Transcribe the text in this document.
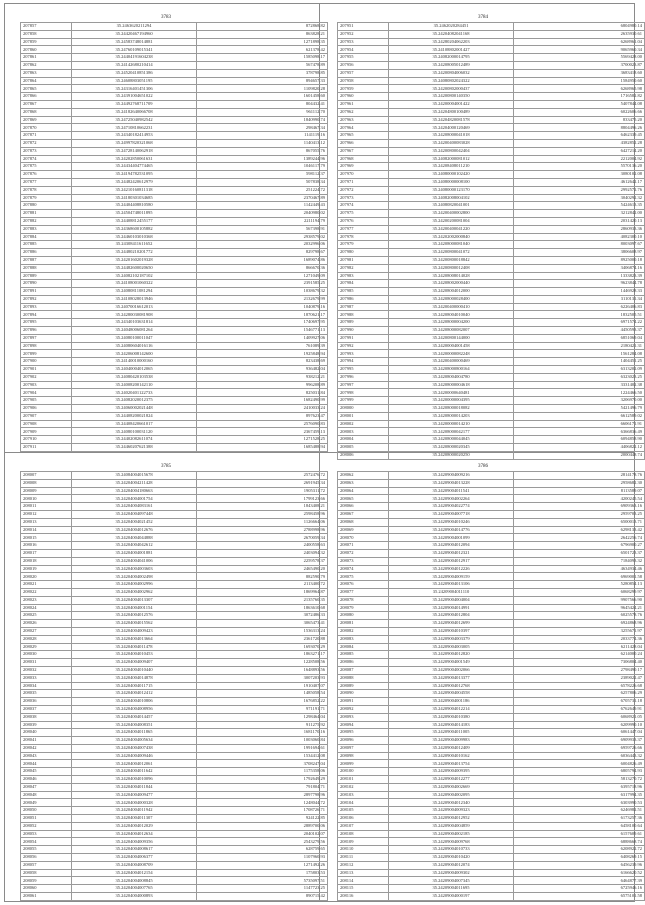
3783
207857	35.2463620211294	872868.82
207858	35.24420467194960	863828.21
207859	35.24583748014881	1271898.35
207860	35.24760109015341	621378.42
207861	35.24404191604238	1585098.17
207862	35.24142680210414	567478.89
207863	35.24520410851386	378798.85
207864	35.24608803051195	894657.33
207865	35.24316401451306	1109820.28
207866	35.24391004651022	1601458.60
207867	35.24492768711709	804432.41
207868	35.24182640066708	961112.70
207869	35.24725040982542	1840990.74
207870	35.24710810662231	298467.34
207871	35.24340182414953	1141119.16
207872	35.24997820321068	1140413.12
207873	35.24728140062918	867055.76
207874	35.24202850061631	1389244.96
207875	35.24434404774465	1046117.79
207876	35.24194782531095	598112.37
207877	35.24482420612979	507838.34
207878	35.24210160811318	251224.72
207879	35.24180301034685	2370467.89
207880	35.24404408810580	1142449.43
207881	35.24504748011895	2040980.02
207882	35.24408812455177	2211194.79
207883	35.24368600105882	567398.91
207884	35.24460103010368	2938579.02
207885	35.24308411611652	2032996.06
207886	35.24480210201772	829798.67
207887	35.24201602019328	1689074.86
207888	35.24482600020650	866670.36
207889	35.24082102187102	1271049.09
207890	35.24108001060322	2391585.25
207891	35.24080811081294	1038679.32
207892	35.24108028013946	2132679.99
207893	35.24070016612013	1040879.16
207894	35.24280030081908	1870621.17
207895	35.24340103631814	1740697.95
207896	35.24048006081264	1546771.13
207897	35.24080100011047	1409927.06
207898	35.24080604016116	761089.39
207899	35.24206008142600	1925848.94
207900	35.24140010000160	823438.69
207901	35.24040004012065	936482.04
207902	35.24080420103538	938212.21
207903	35.24008200142110	996208.89
207904	35.24020401122733	825031.84
207905	35.24082020012375	1682490.99
207906	35.24060002021448	2410033.24
207907	35.24408200021824	897623.47
207908	35.24408420661017	2576090.83
207909	35.24080100031120	2367459.13
207910	35.24402082611074	1271528.25
207911	35.24460207621388	1685488.94
3784
207951	35.2462020284451	6804980.14
207952	35.24204082041168	2635930.61
207953	35.24280204062203	6268961.04
207954	35.24108802001427	9065960.34
207955	35.24082000014795	5569428.00
207956	35.24208005012489	3700023.87
207957	35.24200804006032	3683418.60
207958	35.24080802024322	1584950.60
207959	35.24200802000437	6268965.98
207960	35.24200800140350	1716582.82
207961	35.24200004001422	5407844.08
207962	35.24204800100489	6022606.66
207963	35.24204820081578	833475.20
207964	35.24204000120469	8804496.26
207965	35.24208000041018	6462339.45
207966	35.24200400083028	4382852.28
207967	35.24200800042404	6427214.20
207968	35.24082000081012	2212004.92
207969	35.24208408011210	5570136.20
207970	35.24080000102420	3080102.08
207971	35.24080000008100	4612642.17
207972	35.24080000123170	2992572.76
207973	35.24082008004102	3040292.32
207974	35.24080820041001	5424613.35
207975	35.24200400002800	3212842.00
207976	35.24200200081004	2031420.13
207977	35.24200400041220	2860933.36
207978	35.24202002000840	4082300.10
207979	35.24208000081040	8003097.67
207980	35.24200800041072	3806608.97
207981	35.24200800018842	8925000.18
207982	35.24200800012408	3406874.16
207983	35.24208008014028	1333823.39
207984	35.24208002000440	9623844.78
207985	35.24208004012000	1446928.33
207986	35.24208000028400	3110131.34
207987	35.24200400000410	6226406.83
207988	35.24208004010040	1832505.51
207989	35.24208000004200	6971574.22
207990	35.24208000082007	4450593.37
207991	35.24200800144000	6851069.04
207992	35.24200004001458	2180421.31
207993	35.24200000082248	1561284.08
207994	35.24200400000469	1404451.25
207995	35.24208000800164	6313202.09
207996	35.24208004004780	6323023.25
207997	35.24208000004618	3331402.38
207998	35.24200000640481	1224466.50
207999	35.24200000004395	3206970.00
208000	35.24208000018082	5421496.79
208001	35.24208000014203	6612589.02
208002	35.24200000014210	6606171.91
208003	35.24208000042177	6366836.49
208004	35.24208000044045	6094858.90
208005	35.24208000020345	4406822.12
208006	35.24208000020250	2000448.74
3785
208007	35.24084004015678	2572476.72
208008	35.24204004211428	2691945.34
208009	35.24204004180663	1905311.72
208010	35.24204004001754	1799123.66
208011	35.24204004083161	1843408.21
208012	35.24204004097448	2598458.96
208013	35.24204004021452	1126664.06
208014	35.24204004012676	2788998.96
208015	35.24204004044888	2670059.34
208016	35.24204004042612	2400558.63
208017	35.24204004001881	2403094.32
208018	35.24204004041006	2259578.37
208019	35.24204004003603	2465490.20
208020	35.24204004002498	882590.79
208021	35.24204004002996	2113400.72
208022	35.24204004002962	1869964.87
208023	35.24204004013307	2135760.35
208024	35.24204004001154	1863610.68
208025	35.24204004012576	3072486.33
208026	35.24204004015562	3065473.41
208027	35.24204004009423	1536313.24
208028	35.24204004013664	2361720.88
208029	35.24204004011478	1693070.29
208030	35.24204004010453	1863271.17
208031	35.24204004009407	1228508.56
208032	35.24204004010440	1648893.56
208033	35.24204004014878	3007203.93
208034	35.24204004011715	1910407.07
208035	35.24204004012412	1485058.54
208036	35.24204004010806	1676852.22
208037	35.24204004008956	971191.71
208038	35.24204004014457	1298464.04
208039	35.24204004008351	911275.92
208040	35.24204004011865	1681170.16
208041	35.24204004005634	1003060.84
208042	35.24204004007438	1991694.61
208043	35.24204004009446	1534412.08
208044	35.24204004012061	3708247.04
208045	35.24204004011642	1175358.06
208046	35.24204004010096	1792649.29
208047	35.24204004011844	791804.71
208048	35.24204004009477	2897798.96
208049	35.24204004000328	1248044.72
208050	35.24204004011942	1708726.71
208051	35.24204004011307	924122.85
208052	35.24204004012029	2889700.06
208053	35.24204004012634	2040102.07
208054	35.24204004009356	2543279.56
208055	35.24204004008617	628759.65
208056	35.24204004006377	1107960.93
208057	35.24204004008709	1271492.26
208058	35.24204004012154	175803.53
208059	35.24204004008845	5735097.51
208060	35.24204004007765	1147723.25
208061	35.24204004000893	890715.42
3786
208062	35.24209004009216	2814178.76
208063	35.24209004013228	2958682.30
208064	35.24209004011541	8113589.07
208065	35.24209004002264	4200245.54
208066	35.24209004022774	6909363.16
208067	35.24209004007718	2959703.25
208068	35.24209004010246	6500013.71
208069	35.24209004014776	6298133.42
208070	35.24209004001099	2642256.74
208071	35.24209004012094	6796900.27
208072	35.24209004012321	6501723.37
208073	35.24209004012917	7184093.32
208074	35.24209004012226	4634934.46
208075	35.24209004009159	6969001.58
208076	35.24209004013106	5280854.13
208077	35.24209004011110	6068299.97
208078	35.24209004004004	9907566.90
208079	35.24209004014991	9645424.21
208080	35.24209004012804	6025578.76
208081	35.24209004012699	6924868.96
208082	35.24209004010397	3255671.97
208083	35.24209004003379	2033774.36
208084	35.24209004003005	6211428.04
208085	35.24209004012820	6214000.24
208086	35.24209004001549	7306804.40
208087	35.24209004002066	2798490.17
208088	35.24209004013377	2389022.47
208089	35.24209004012768	6578226.68
208090	35.24209004004558	6257806.29
208091	35.24209004001186	6705731.18
208092	35.24209004012214	6762649.91
208093	35.24209004010380	6068921.05
208094	35.24209004014183	6209990.10
208095	35.24209004011005	6061447.04
208096	35.24209004009983	6909933.37
208097	35.24209004012409	6959726.66
208098	35.24209004010162	6036443.32
208099	35.24209004013754	6004826.49
208100	35.24209004009395	6805794.93
208101	35.24209004012277	5813270.72
208102	35.24209004002669	6395718.96
208103	35.24209004002095	6317994.35
208104	35.24209004012340	6303990.53
208105	35.24209004009323	6246982.51
208106	35.24209004012952	6173257.36
208107	35.24209004004859	6458100.64
208108	35.24209004002185	6157609.61
208109	35.24209004009768	6888668.74
208110	35.24209004010733	6208922.72
208111	35.24209004010420	6408269.15
208112	35.24209004012074	6456239.96
208113	35.24209004009302	6166620.52
208114	35.24209004007345	6464877.39
208115	35.24209004011695	6725946.16
208116	35.24209004000197	6575101.58
